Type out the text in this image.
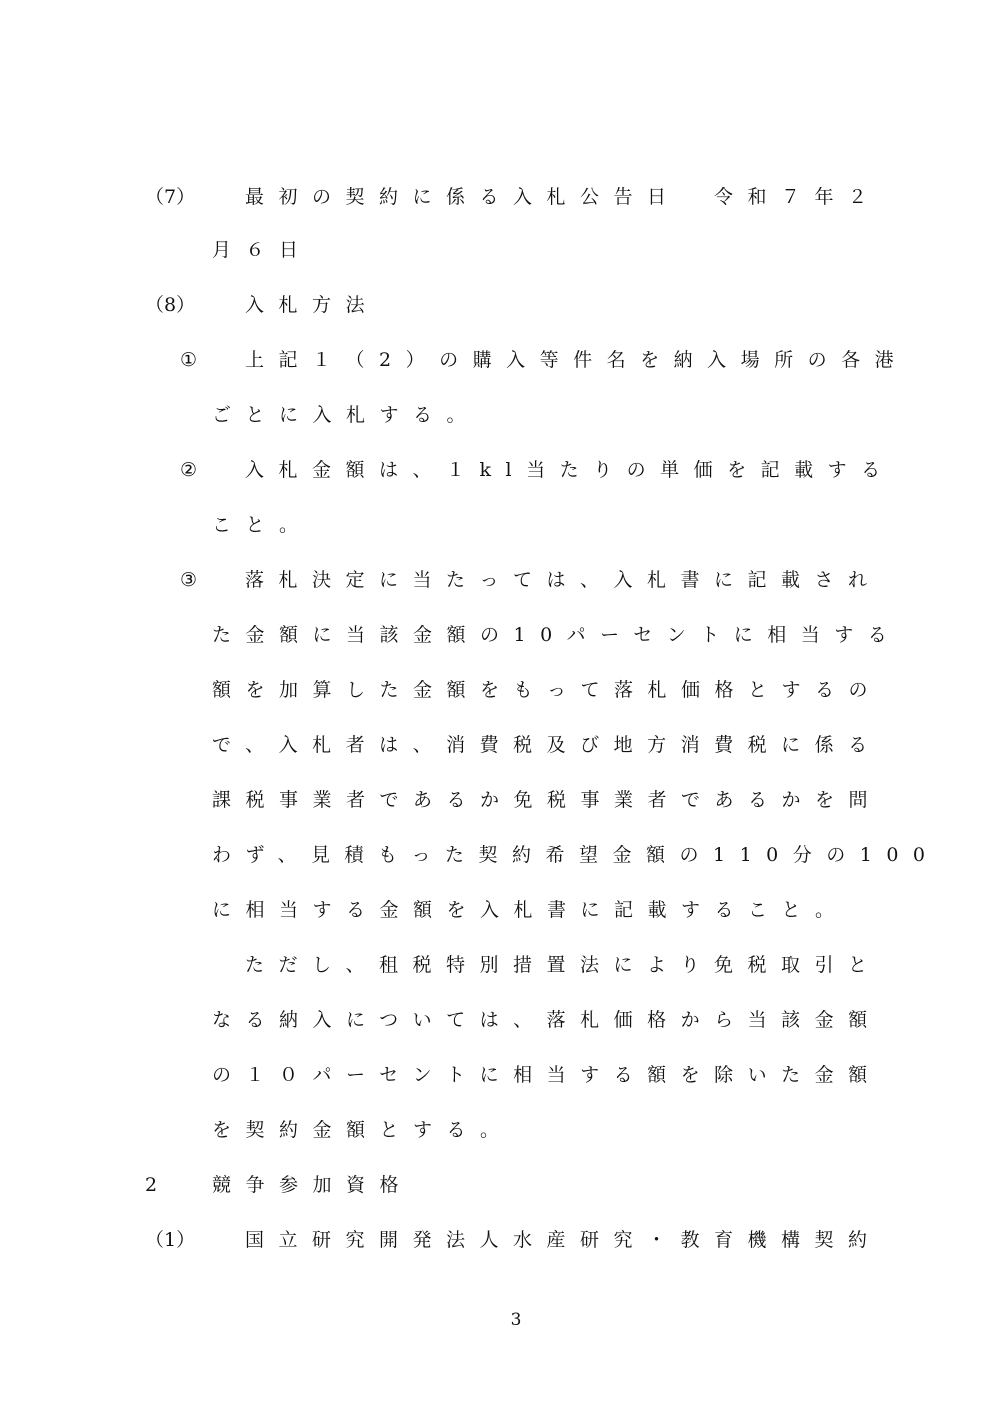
（7）	最初の契約に係る入札公告日　令和７年２
月６日
（8）	入札方法
①	上記１（2）の購入等件名を納入場所の各港
ごとに入札する。
②	入札金額は、１kl当たりの単価を記載する
こと。
③	落札決定に当たっては、入札書に記載され
た金額に当該金額の10パーセントに相当する
額を加算した金額をもって落札価格とするの
で、入札者は、消費税及び地方消費税に係る
課税事業者であるか免税事業者であるかを問
わず、見積もった契約希望金額の110分の100
に相当する金額を入札書に記載すること。
ただし、租税特別措置法により免税取引と
なる納入については、落札価格から当該金額
の１０パーセントに相当する額を除いた金額
を契約金額とする。
2	競争参加資格
（1）	国立研究開発法人水産研究・教育機構契約
3
